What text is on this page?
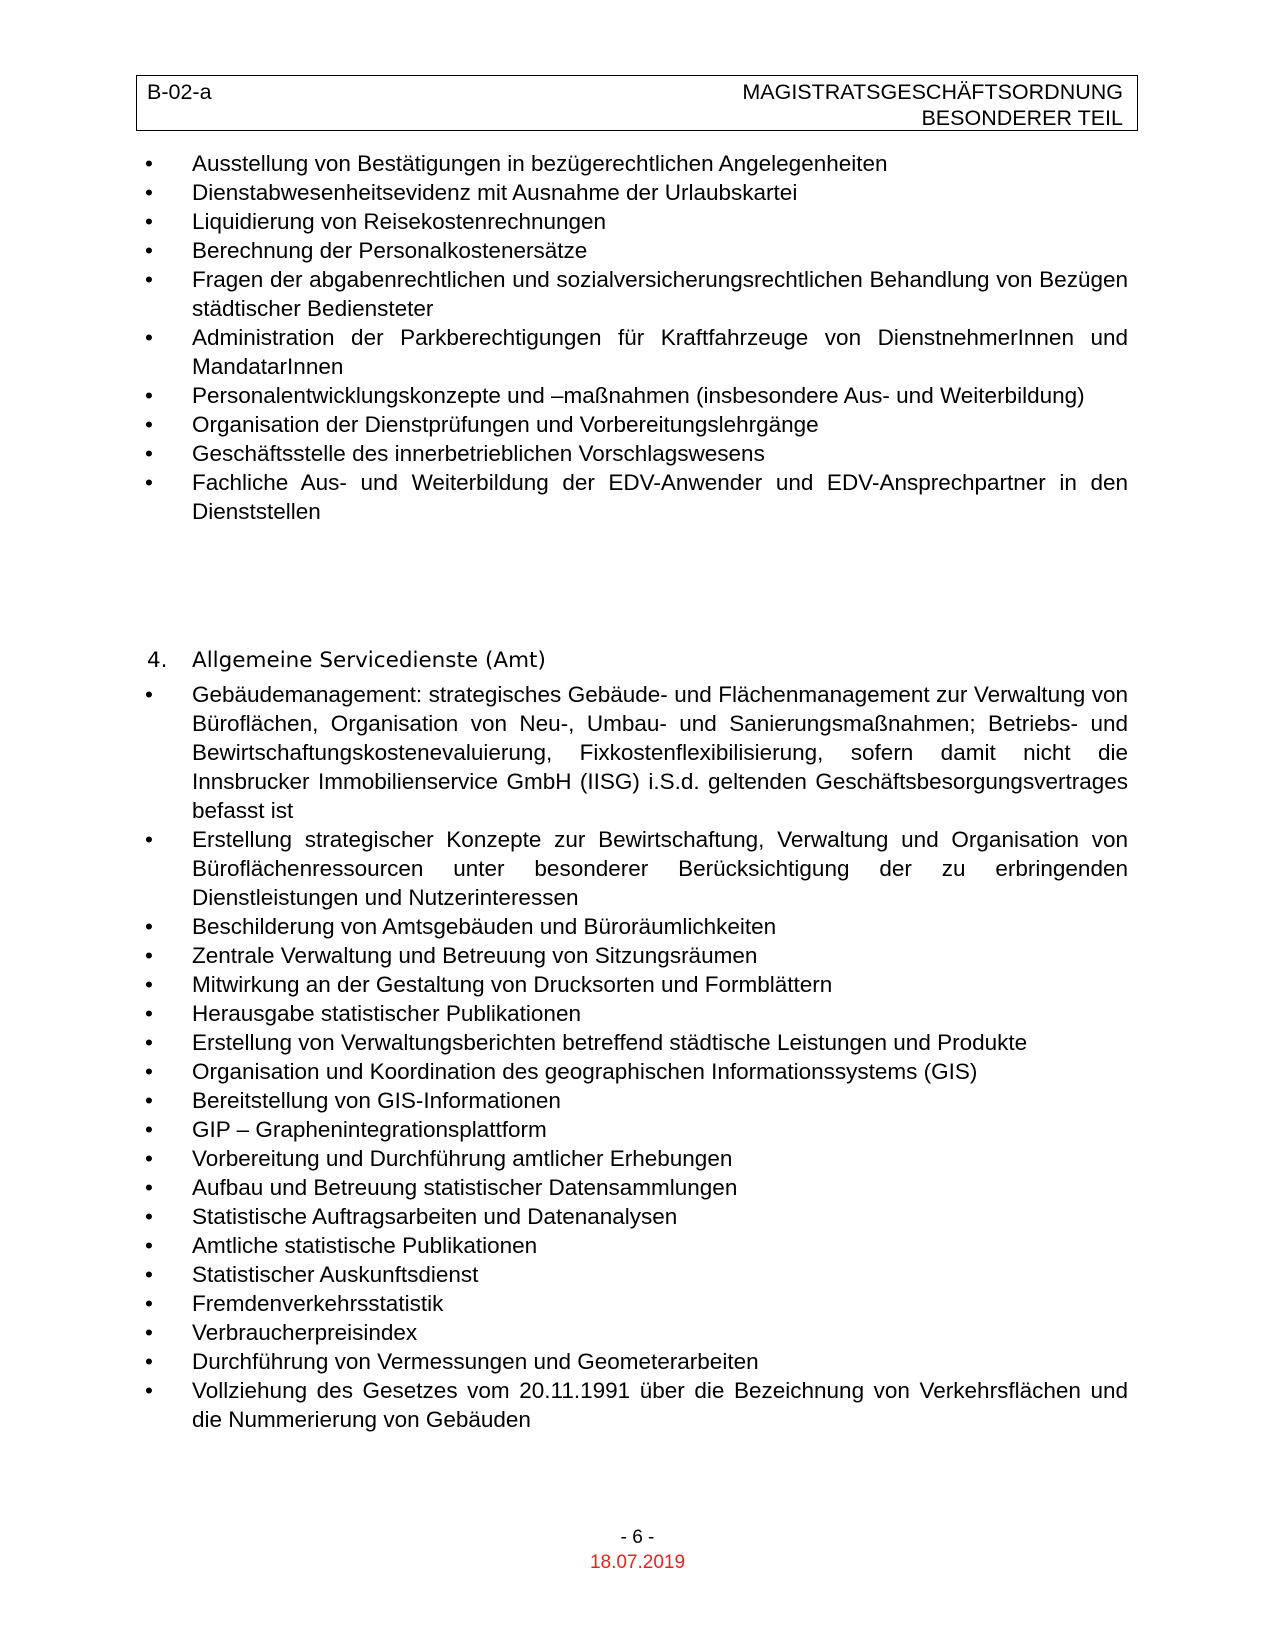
B-02-a	MAGISTRATSGESCHÄFTSORDNUNG
BESONDERER TEIL
• Ausstellung von Bestätigungen in bezügerechtlichen Angelegenheiten
• Dienstabwesenheitsevidenz mit Ausnahme der Urlaubskartei
• Liquidierung von Reisekostenrechnungen
• Berechnung der Personalkostenersätze
• Fragen der abgabenrechtlichen und sozialversicherungsrechtlichen Behandlung von Bezügen städtischer Bediensteter
• Administration der Parkberechtigungen für Kraftfahrzeuge von DienstnehmerInnen und MandatarInnen
• Personalentwicklungskonzepte und –maßnahmen (insbesondere Aus- und Weiterbildung)
• Organisation der Dienstprüfungen und Vorbereitungslehrgänge
• Geschäftsstelle des innerbetrieblichen Vorschlagswesens
• Fachliche Aus- und Weiterbildung der EDV-Anwender und EDV-Ansprechpartner in den Dienststellen
4. Allgemeine Servicedienste (Amt)
• Gebäudemanagement: strategisches Gebäude- und Flächenmanagement zur Verwaltung von Büroflächen, Organisation von Neu-, Umbau- und Sanierungsmaßnahmen; Betriebs- und Bewirtschaftungskostenevaluierung, Fixkostenflexibilisierung, sofern damit nicht die Innsbrucker Immobilienservice GmbH (IISG) i.S.d. geltenden Geschäftsbesorgungsvertrages befasst ist
• Erstellung strategischer Konzepte zur Bewirtschaftung, Verwaltung und Organisation von Büroflächenressourcen unter besonderer Berücksichtigung der zu erbringenden Dienstleistungen und Nutzerinteressen
• Beschilderung von Amtsgebäuden und Büroräumlichkeiten
• Zentrale Verwaltung und Betreuung von Sitzungsräumen
• Mitwirkung an der Gestaltung von Drucksorten und Formblättern
• Herausgabe statistischer Publikationen
• Erstellung von Verwaltungsberichten betreffend städtische Leistungen und Produkte
• Organisation und Koordination des geographischen Informationssystems (GIS)
• Bereitstellung von GIS-Informationen
• GIP – Graphenintegrationsplattform
• Vorbereitung und Durchführung amtlicher Erhebungen
• Aufbau und Betreuung statistischer Datensammlungen
• Statistische Auftragsarbeiten und Datenanalysen
• Amtliche statistische Publikationen
• Statistischer Auskunftsdienst
• Fremdenverkehrsstatistik
• Verbraucherpreisindex
• Durchführung von Vermessungen und Geometerarbeiten
• Vollziehung des Gesetzes vom 20.11.1991 über die Bezeichnung von Verkehrsflächen und die Nummerierung von Gebäuden
- 6 -
18.07.2019
